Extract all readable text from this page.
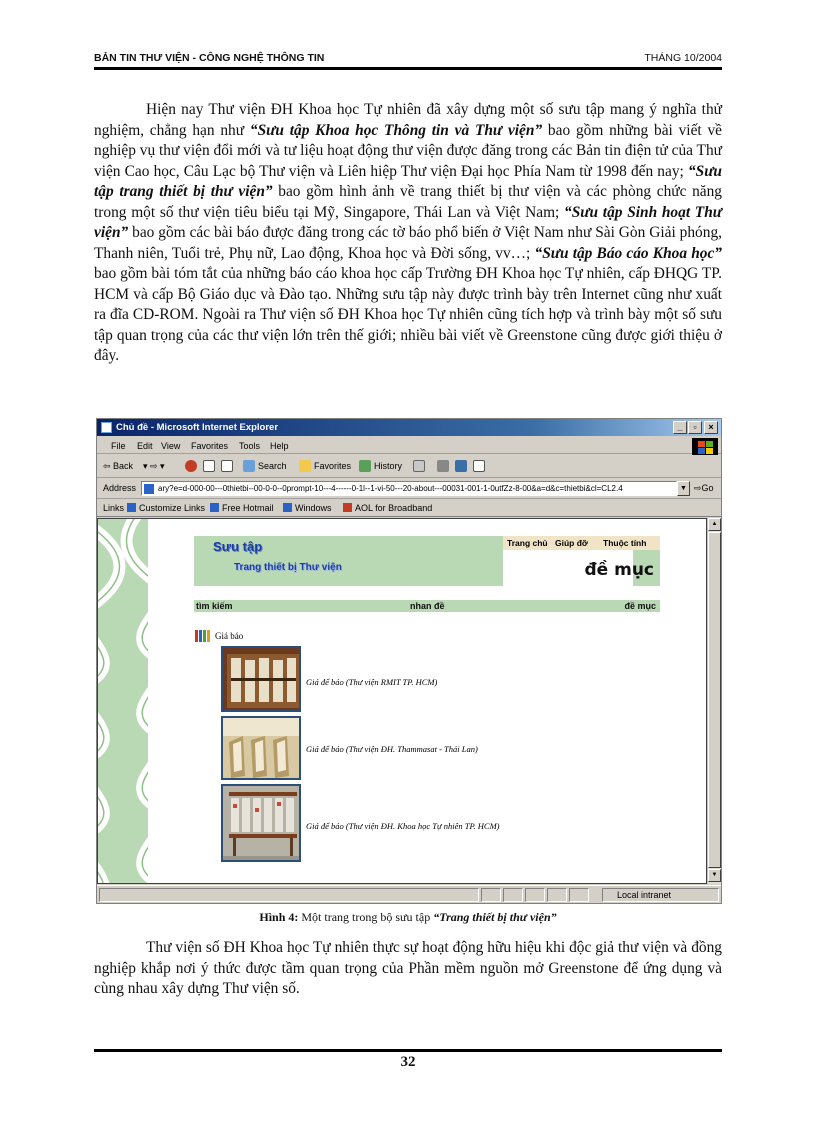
BẢN TIN THƯ VIỆN - CÔNG NGHỆ THÔNG TIN	THÁNG 10/2004

Hiện nay Thư viện ĐH Khoa học Tự nhiên đã xây dựng một số sưu tập mang ý nghĩa thử nghiệm, chẳng hạn như “Sưu tập Khoa học Thông tin và Thư viện” bao gồm những bài viết về nghiệp vụ thư viện đổi mới và tư liệu hoạt động thư viện được đăng trong các Bản tin điện tử của Thư viện Cao học, Câu Lạc bộ Thư viện và Liên hiệp Thư viện Đại học Phía Nam từ 1998 đến nay; “Sưu tập trang thiết bị thư viện” bao gồm hình ảnh về trang thiết bị thư viện và các phòng chức năng trong một số thư viện tiêu biểu tại Mỹ, Singapore, Thái Lan và Việt Nam; “Sưu tập Sinh hoạt Thư viện” bao gồm các bài báo được đăng trong các tờ báo phổ biến ở Việt Nam như Sài Gòn Giải phóng, Thanh niên, Tuổi trẻ, Phụ nữ, Lao động, Khoa học và Đời sống, vv…; “Sưu tập Báo cáo Khoa học” bao gồm bài tóm tắt của những báo cáo khoa học cấp Trường ĐH Khoa học Tự nhiên, cấp ĐHQG TP. HCM và cấp Bộ Giáo dục và Đào tạo. Những sưu tập này được trình bày trên Internet cũng như xuất ra đĩa CD-ROM. Ngoài ra Thư viện số ĐH Khoa học Tự nhiên cũng tích hợp và trình bày một số sưu tập quan trọng của các thư viện lớn trên thế giới; nhiều bài viết về Greenstone cũng được giới thiệu ở đây.

Chủ đề - Microsoft Internet Explorer	_	▫	×
File Edit View Favorites Tools Help
⇦ Back ▾ ⇨ ▾	Search	Favorites	History
Address	ary?e=d-000-00---0thietbi--00-0-0--0prompt-10---4------0-1l--1-vi-50---20-about---00031-001-1-0utfZz-8-00&a=d&c=thietbi&cl=CL2.4	▼ ⇨Go
Links Customize Links Free Hotmail Windows	AOL for Broadband
Sưu tập
Trang thiết bị Thư viện
Trang chủ Giúp đỡ Thuộc tính
đề mục
tìm kiếm	nhan đề	đề mục
Giá báo
Giá để báo (Thư viện RMIT TP. HCM)
Giá để báo (Thư viện ĐH. Thammasat - Thái Lan)
Giá để báo (Thư viện ĐH. Khoa học Tự nhiên TP. HCM)
▲
▼
Local intranet
Hình 4: Một trang trong bộ sưu tập “Trang thiết bị thư viện”

Thư viện số ĐH Khoa học Tự nhiên thực sự hoạt động hữu hiệu khi độc giả thư viện và đồng nghiệp khắp nơi ý thức được tầm quan trọng của Phần mềm nguồn mở Greenstone để ứng dụng và cùng nhau xây dựng Thư viện số.

32
